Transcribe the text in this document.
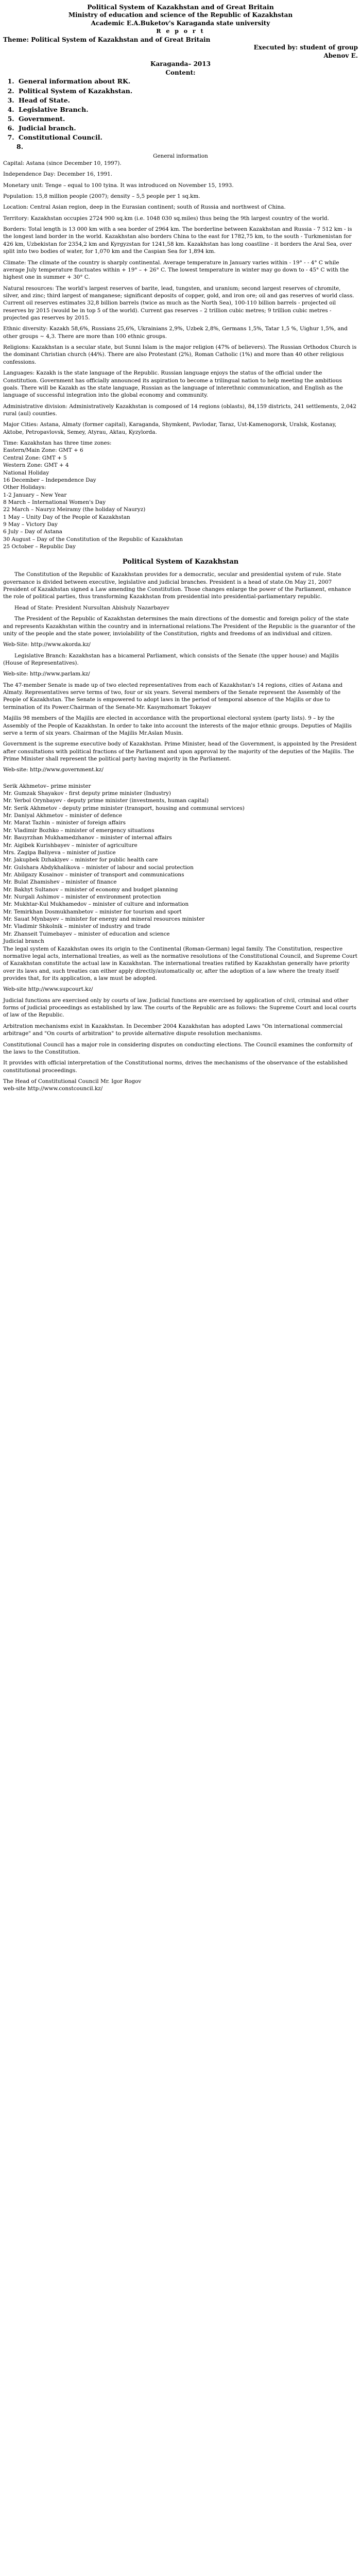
Political System of Kazakhstan and of Great Britain
Ministry of education and science of the Republic of Kazakhstan
Academic E.A.Buketov's Karaganda state university
R e p o r t
Theme: Political System of Kazakhstan and of Great Britain
Executed by: student of group
Abenov E.
Karaganda– 2013
Content:
1. General information about RK.
2. Political System of Kazakhstan.
3. Head of State.
4. Legislative Branch.
5. Government.
6. Judicial branch.
7. Constitutional Council.
8.
General information

Capital: Astana (since December 10, 1997).

Independence Day: December 16, 1991.

Monetary unit: Tenge – equal to 100 tyina. It was introduced on November 15, 1993.

Population: 15,8 million people (2007); density – 5,5 people per 1 sq.km.

Location: Central Asian region, deep in the Eurasian continent; south of Russia and northwest of China.

Territory: Kazakhstan occupies 2724 900 sq.km (i.e. 1048 030 sq.miles) thus being the 9th largest country of the world.

Borders: Total length is 13 000 km with a sea border of 2964 km. The borderline between Kazakhstan and Russia - 7 512 km - is the longest land border in the world. Kazakhstan also borders China to the east for 1782,75 km, to the south - Turkmenistan for 426 km, Uzbekistan for 2354,2 km and Kyrgyzstan for 1241,58 km. Kazakhstan has long coastline - it borders the Aral Sea, over split into two bodies of water, for 1,070 km and the Caspian Sea for 1,894 km.

Climate: The climate of the country is sharply continental. Average temperature in January varies within - 19° - - 4° C while average July temperature fluctuates within + 19° – + 26° C. The lowest temperature in winter may go down to - 45° C with the highest one in summer + 30° C.

Natural resources: The world's largest reserves of barite, lead, tungsten, and uranium; second largest reserves of chromite, silver, and zinc; third largest of manganese; significant deposits of copper, gold, and iron ore; oil and gas reserves of world class. Current oil reserves estimates 32,8 billion barrels (twice as much as the North Sea), 100-110 billion barrels - projected oil reserves by 2015 (would be in top 5 of the world). Current gas reserves – 2 trillion cubic metres; 9 trillion cubic metres - projected gas reserves by 2015.

Ethnic diversity: Kazakh 58,6%, Russians 25,6%, Ukrainians 2,9%, Uzbek 2,8%, Germans 1,5%, Tatar 1,5 %, Uighur 1,5%, and other groups ~ 4,3. There are more than 100 ethnic groups.

Religions: Kazakhstan is a secular state, but Sunni Islam is the major religion (47% of believers). The Russian Orthodox Church is the dominant Christian church (44%). There are also Protestant (2%), Roman Catholic (1%) and more than 40 other religious confessions.

Languages: Kazakh is the state language of the Republic. Russian language enjoys the status of the official under the Constitution. Government has officially announced its aspiration to become a trilingual nation to help meeting the ambitious goals. There will be Kazakh as the state language, Russian as the language of interethnic communication, and English as the language of successful integration into the global economy and community.

Administrative division: Administratively Kazakhstan is composed of 14 regions (oblasts), 84,159 districts, 241 settlements, 2,042 rural (aul) counties.

Major Cities: Astana, Almaty (former capital), Karaganda, Shymkent, Pavlodar, Taraz, Ust-Kamenogorsk, Uralsk, Kostanay, Aktobe, Petropavlovsk, Semey, Atyrau, Aktau, Kyzylorda.

Time: Kazakhstan has three time zones:
Eastern/Main Zone: GMT + 6
Central Zone: GMT + 5
Western Zone: GMT + 4
National Holiday
16 December – Independence Day
Other Holidays:
1-2 January – New Year
8 March – International Women's Day
22 March – Nauryz Meiramy (the holiday of Nauryz)
1 May – Unity Day of the People of Kazakhstan
9 May – Victory Day
6 July – Day of Astana
30 August – Day of the Constitution of the Republic of Kazakhstan
25 October – Republic Day
Political System of Kazakhstan

The Constitution of the Republic of Kazakhstan provides for a democratic, secular and presidential system of rule. State governance is divided between executive, legislative and judicial branches. President is a head of state.On May 21, 2007 President of Kazakhstan signed a Law amending the Constitution. Those changes enlarge the power of the Parliament, enhance the role of political parties, thus transforming Kazakhstan from presidential into presidential-parliamentary republic.

Head of State: President Nursultan Abishuly Nazarbayev

The President of the Republic of Kazakhstan determines the main directions of the domestic and foreign policy of the state and represents Kazakhstan within the country and in international relations.The President of the Republic is the guarantor of the unity of the people and the state power, inviolability of the Constitution, rights and freedoms of an individual and citizen.

Web-Site: http://www.akorda.kz/

Legislative Branch: Kazakhstan has a bicameral Parliament, which consists of the Senate (the upper house) and Majilis (House of Representatives).

Web-site: http://www.parlam.kz/

The 47-member Senate is made up of two elected representatives from each of Kazakhstan's 14 regions, cities of Astana and Almaty. Representatives serve terms of two, four or six years. Several members of the Senate represent the Assembly of the People of Kazakhstan. The Senate is empowered to adopt laws in the period of temporal absence of the Majilis or due to termination of its Power.Chairman of the Senate-Mr. Kasymzhomart Tokayev

Majilis 98 members of the Majilis are elected in accordance with the proportional electoral system (party lists). 9 – by the Assembly of the People of Kazakhstan. In order to take into account the interests of the major ethnic groups. Deputies of Majilis serve a term of six years. Chairman of the Majilis Mr.Aslan Musin.

Government is the supreme executive body of Kazakhstan. Prime Minister, head of the Government, is appointed by the President after consultations with political fractions of the Parliament and upon approval by the majority of the deputies of the Majilis. The Prime Minister shall represent the political party having majority in the Parliament.

Web-site: http://www.government.kz/

Serik Akhmetov– prime minister
Mr. Gumzak Shayakov - first deputy prime minister (Industry)
Mr. Yerbol Orynbayev - deputy prime minister (investments, human capital)
Mr. Serik Akhmetov - deputy prime minister (transport, housing and communal services)
Mr. Daniyal Akhmetov – minister of defence
Mr. Marat Tazhin – minister of foreign affairs
Mr. Vladimir Bozhko – minister of emergency situations
Mr. Bauyrzhan Mukhamedzhanov – minister of internal affairs
Mr. Aigibek Kurishbayev – minister of agriculture
Mrs. Zagipa Baliyeva – minister of justice
Mr. Jakupbek Dzhakiyev – minister for public health care
Mr. Gulshara Abdykhalikova – minister of labour and social protection
Mr. Abilgazy Kusainov – minister of transport and communications
Mr. Bulat Zhamishev – minister of finance
Mr. Bakhyt Sultanov – minister of economy and budget planning
Mr. Nurgali Ashimov – minister of environment protection
Mr. Mukhtar-Kul Mukhamedov – minister of culture and information
Mr. Temirkhan Dosmukhambetov – minister for tourism and sport
Mr. Sauat Mynbayev – minister for energy and mineral resources minister
Mr. Vladimir Shkolnik – minister of industry and trade
Mr. Zhanseit Tuimebayev – minister of education and science
Judicial branch

The legal system of Kazakhstan owes its origin to the Continental (Roman-German) legal family. The Constitution, respective normative legal acts, international treaties, as well as the normative resolutions of the Constitutional Council, and Supreme Court of Kazakhstan constitute the actual law in Kazakhstan. The international treaties ratified by Kazakhstan generally have priority over its laws and, such treaties can either apply directly/automatically or, after the adoption of a law where the treaty itself provides that, for its application, a law must be adopted.

Web-site http://www.supcourt.kz/

Judicial functions are exercised only by courts of law. Judicial functions are exercised by application of civil, criminal and other forms of judicial proceedings as established by law. The courts of the Republic are as follows: the Supreme Court and local courts of law of the Republic.

Arbitration mechanisms exist in Kazakhstan. In December 2004 Kazakhstan has adopted Laws "On international commercial arbitrage" and "On courts of arbitration" to provide alternative dispute resolution mechanisms.

Constitutional Council has a major role in considering disputes on conducting elections. The Council examines the conformity of the laws to the Constitution.

It provides with official interpretation of the Constitutional norms, drives the mechanisms of the observance of the established constitutional proceedings.

The Head of Constitutional Council Mr. Igor Rogov
web-site http://www.constcouncil.kz/
